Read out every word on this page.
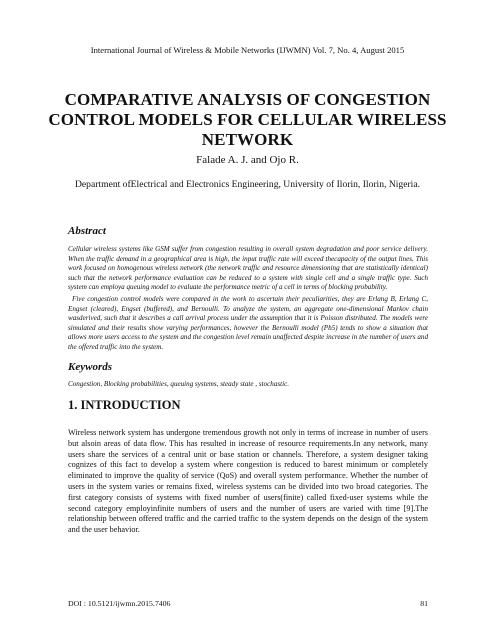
International Journal of Wireless & Mobile Networks (IJWMN) Vol. 7, No. 4, August 2015
COMPARATIVE ANALYSIS OF CONGESTION CONTROL MODELS FOR CELLULAR WIRELESS NETWORK
Falade A. J. and Ojo R.
Department ofElectrical and Electronics Engineering, University of Ilorin, Ilorin, Nigeria.
Abstract
Cellular wireless systems like GSM suffer from congestion resulting in overall system degradation and poor service delivery. When the traffic demand in a geographical area is high, the input traffic rate will exceed thecapacity of the output lines. This work focused on homogenous wireless network (the network traffic and resource dimensioning that are statistically identical) such that the network performance evaluation can be reduced to a system with single cell and a single traffic type. Such system can employa queuing model to evaluate the performance metric of a cell in terms of blocking probability.
Five congestion control models were compared in the work to ascertain their peculiarities, they are Erlang B, Erlang C, Engset (cleared), Engset (buffered), and Bernoulli. To analyze the system, an aggregate one-dimensional Markov chain wasderived, such that it describes a call arrival process under the assumption that it is Poisson distributed. The models were simulated and their results show varying performances, however the Bernoulli model (Pb5) tends to show a situation that allows more users access to the system and the congestion level remain unaffected despite increase in the number of users and the offered traffic into the system.
Keywords
Congestion, Blocking probabilities, queuing systems, steady state , stochastic.
1. INTRODUCTION
Wireless network system has undergone tremendous growth not only in terms of increase in number of users but alsoin areas of data flow. This has resulted in increase of resource requirements.In any network, many users share the services of a central unit or base station or channels. Therefore, a system designer taking cognizes of this fact to develop a system where congestion is reduced to barest minimum or completely eliminated to improve the quality of service (QoS) and overall system performance. Whether the number of users in the system varies or remains fixed, wireless systems can be divided into two broad categories. The first category consists of systems with fixed number of users(finite) called fixed-user systems while the second category employinfinite numbers of users and the number of users are varied with time [9].The relationship between offered traffic and the carried traffic to the system depends on the design of the system and the user behavior.
DOI : 10.5121/ijwmn.2015.7406	81
